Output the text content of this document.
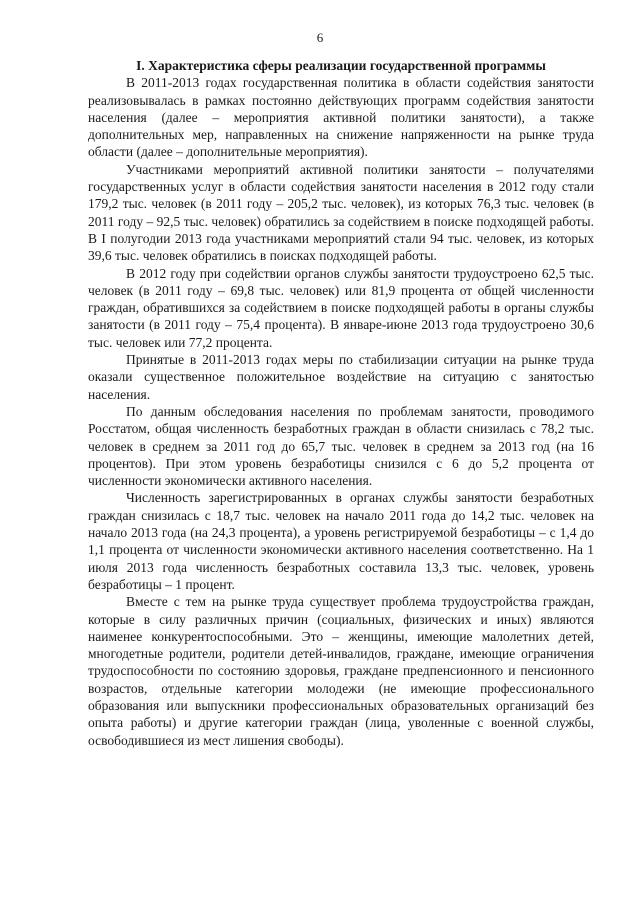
6
I. Характеристика сферы реализации государственной программы

В 2011-2013 годах государственная политика в области содействия занятости реализовывалась в рамках постоянно действующих программ содействия занятости населения (далее – мероприятия активной политики занятости), а также дополнительных мер, направленных на снижение напряженности на рынке труда области (далее – дополнительные мероприятия).

Участниками мероприятий активной политики занятости – получателями государственных услуг в области содействия занятости населения в 2012 году стали 179,2 тыс. человек (в 2011 году – 205,2 тыс. человек), из которых 76,3 тыс. человек (в 2011 году – 92,5 тыс. человек) обратились за содействием в поиске подходящей работы. В I полугодии 2013 года участниками мероприятий стали 94 тыс. человек, из которых 39,6 тыс. человек обратились в поисках подходящей работы.

В 2012 году при содействии органов службы занятости трудоустроено 62,5 тыс. человек (в 2011 году – 69,8 тыс. человек) или 81,9 процента от общей численности граждан, обратившихся за содействием в поиске подходящей работы в органы службы занятости (в 2011 году – 75,4 процента). В январе-июне 2013 года трудоустроено 30,6 тыс. человек или 77,2 процента.

Принятые в 2011-2013 годах меры по стабилизации ситуации на рынке труда оказали существенное положительное воздействие на ситуацию с занятостью населения.

По данным обследования населения по проблемам занятости, проводимого Росстатом, общая численность безработных граждан в области снизилась с 78,2 тыс. человек в среднем за 2011 год до 65,7 тыс. человек в среднем за 2013 год (на 16 процентов). При этом уровень безработицы снизился с 6 до 5,2 процента от численности экономически активного населения.

Численность зарегистрированных в органах службы занятости безработных граждан снизилась с 18,7 тыс. человек на начало 2011 года до 14,2 тыс. человек на начало 2013 года (на 24,3 процента), а уровень регистрируемой безработицы – с 1,4 до 1,1 процента от численности экономически активного населения соответственно. На 1 июля 2013 года численность безработных составила 13,3 тыс. человек, уровень безработицы – 1 процент.

Вместе с тем на рынке труда существует проблема трудоустройства граждан, которые в силу различных причин (социальных, физических и иных) являются наименее конкурентоспособными. Это – женщины, имеющие малолетних детей, многодетные родители, родители детей-инвалидов, граждане, имеющие ограничения трудоспособности по состоянию здоровья, граждане предпенсионного и пенсионного возрастов, отдельные категории молодежи (не имеющие профессионального образования или выпускники профессиональных образовательных организаций без опыта работы) и другие категории граждан (лица, уволенные с военной службы, освободившиеся из мест лишения свободы).
